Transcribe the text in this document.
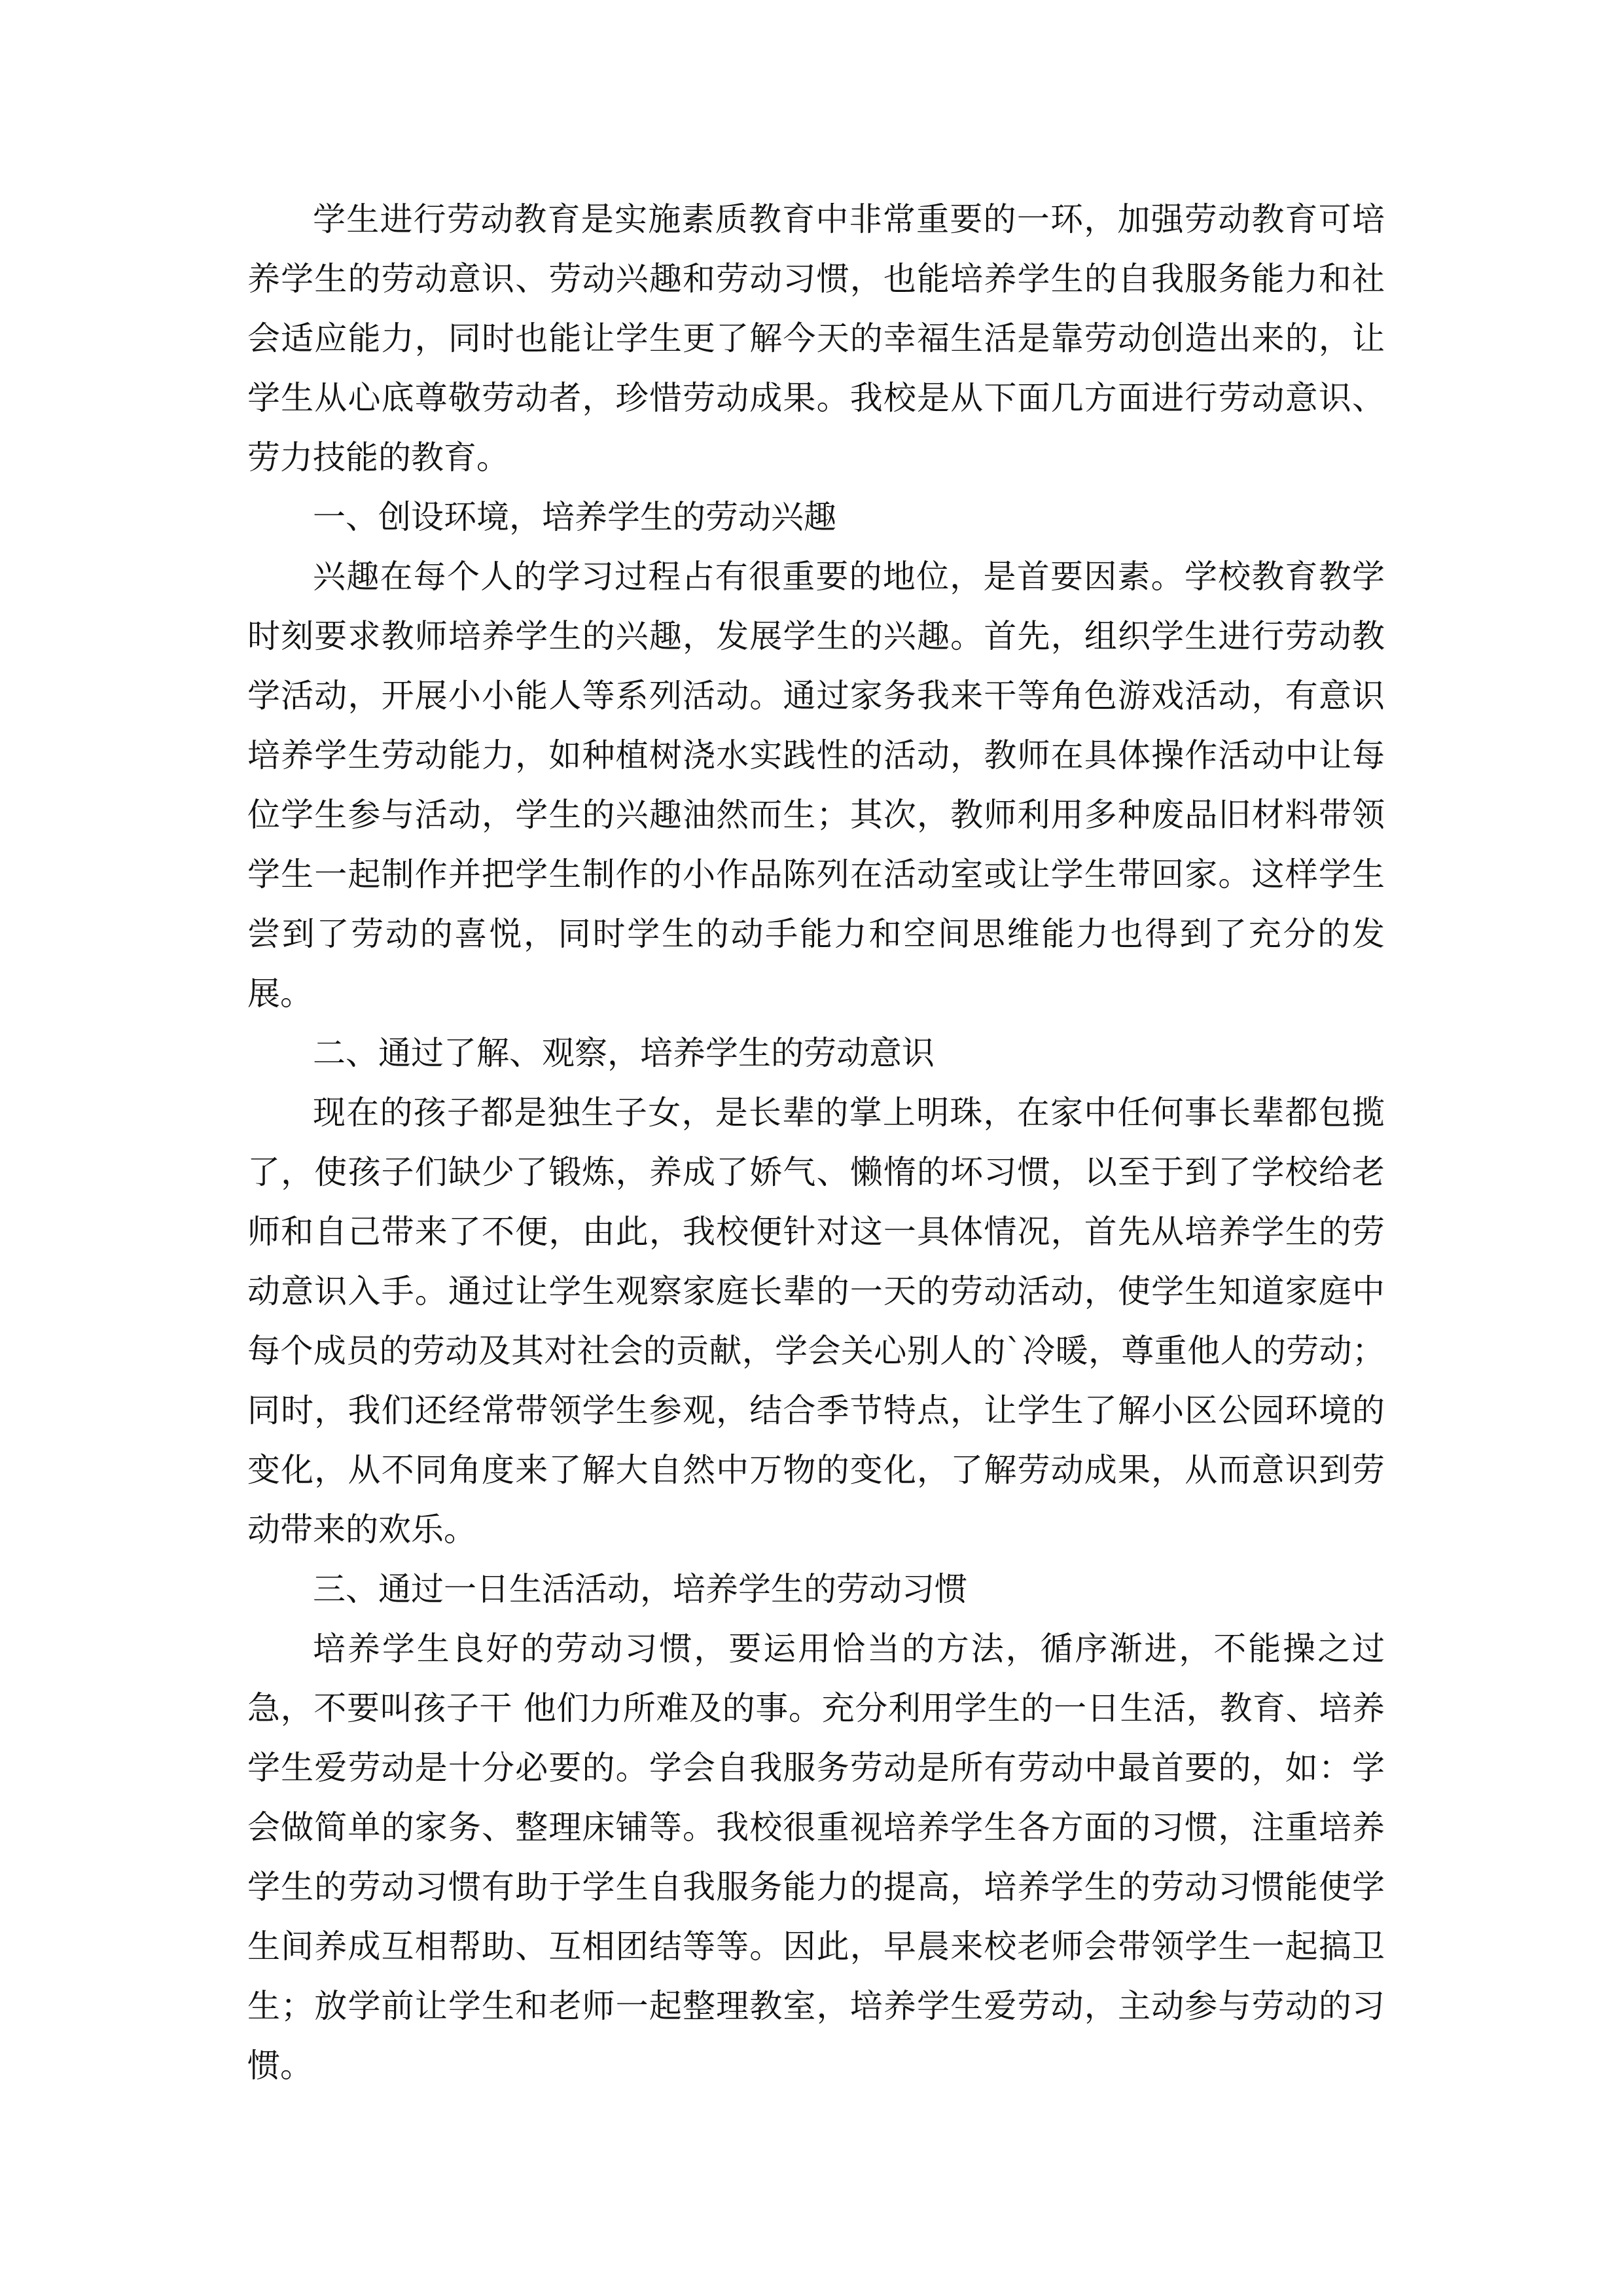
学生进行劳动教育是实施素质教育中非常重要的一环，加强劳动教育可培养学生的劳动意识、劳动兴趣和劳动习惯，也能培养学生的自我服务能力和社会适应能力，同时也能让学生更了解今天的幸福生活是靠劳动创造出来的，让学生从心底尊敬劳动者，珍惜劳动成果。我校是从下面几方面进行劳动意识、劳力技能的教育。

一、创设环境，培养学生的劳动兴趣

兴趣在每个人的学习过程占有很重要的地位，是首要因素。学校教育教学时刻要求教师培养学生的兴趣，发展学生的兴趣。首先，组织学生进行劳动教学活动，开展小小能人等系列活动。通过家务我来干等角色游戏活动，有意识培养学生劳动能力，如种植树浇水实践性的活动，教师在具体操作活动中让每位学生参与活动，学生的兴趣油然而生；其次，教师利用多种废品旧材料带领学生一起制作并把学生制作的小作品陈列在活动室或让学生带回家。这样学生尝到了劳动的喜悦，同时学生的动手能力和空间思维能力也得到了充分的发展。

二、通过了解、观察，培养学生的劳动意识

现在的孩子都是独生子女，是长辈的掌上明珠，在家中任何事长辈都包揽了，使孩子们缺少了锻炼，养成了娇气、懒惰的坏习惯，以至于到了学校给老师和自己带来了不便，由此，我校便针对这一具体情况，首先从培养学生的劳动意识入手。通过让学生观察家庭长辈的一天的劳动活动，使学生知道家庭中每个成员的劳动及其对社会的贡献，学会关心别人的`冷暖，尊重他人的劳动；同时，我们还经常带领学生参观，结合季节特点，让学生了解小区公园环境的变化，从不同角度来了解大自然中万物的变化，了解劳动成果，从而意识到劳动带来的欢乐。

三、通过一日生活活动，培养学生的劳动习惯

培养学生良好的劳动习惯，要运用恰当的方法，循序渐进，不能操之过急，不要叫孩子干 他们力所难及的事。充分利用学生的一日生活，教育、培养学生爱劳动是十分必要的。学会自我服务劳动是所有劳动中最首要的，如：学会做简单的家务、整理床铺等。我校很重视培养学生各方面的习惯，注重培养学生的劳动习惯有助于学生自我服务能力的提高，培养学生的劳动习惯能使学生间养成互相帮助、互相团结等等。因此，早晨来校老师会带领学生一起搞卫生；放学前让学生和老师一起整理教室，培养学生爱劳动，主动参与劳动的习惯。
